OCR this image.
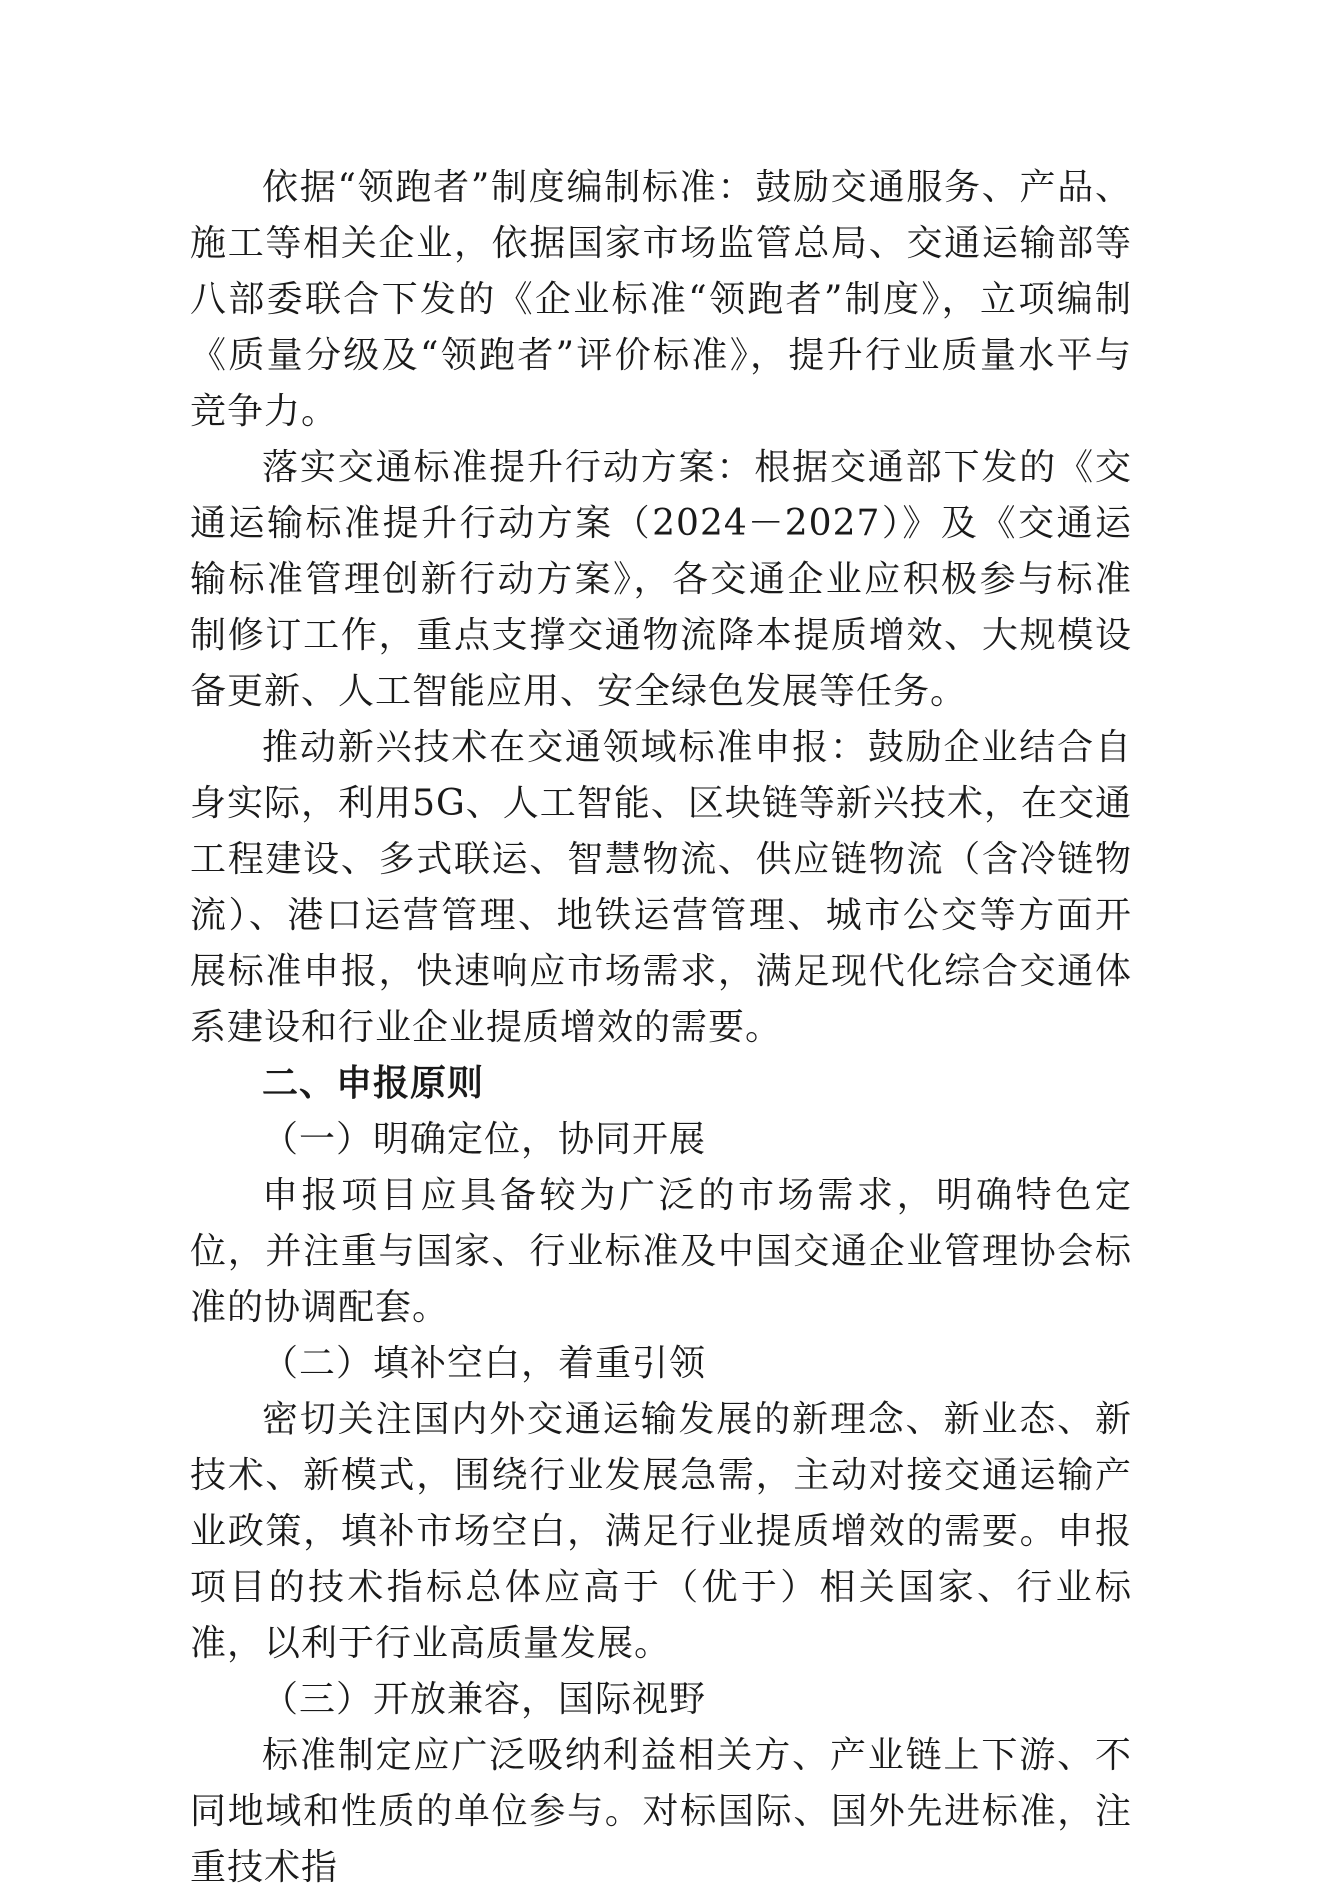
依据“领跑者”制度编制标准：鼓励交通服务、产品、施工等相关企业，依据国家市场监管总局、交通运输部等八部委联合下发的《企业标准“领跑者”制度》，立项编制《质量分级及“领跑者”评价标准》，提升行业质量水平与竞争力。

落实交通标准提升行动方案：根据交通部下发的《交通运输标准提升行动方案（2024－2027）》及《交通运输标准管理创新行动方案》，各交通企业应积极参与标准制修订工作，重点支撑交通物流降本提质增效、大规模设备更新、人工智能应用、安全绿色发展等任务。

推动新兴技术在交通领域标准申报：鼓励企业结合自身实际，利用5G、人工智能、区块链等新兴技术，在交通工程建设、多式联运、智慧物流、供应链物流（含冷链物流）、港口运营管理、地铁运营管理、城市公交等方面开展标准申报，快速响应市场需求，满足现代化综合交通体系建设和行业企业提质增效的需要。

二、申报原则

（一）明确定位，协同开展

申报项目应具备较为广泛的市场需求，明确特色定位，并注重与国家、行业标准及中国交通企业管理协会标准的协调配套。

（二）填补空白，着重引领

密切关注国内外交通运输发展的新理念、新业态、新技术、新模式，围绕行业发展急需，主动对接交通运输产业政策，填补市场空白，满足行业提质增效的需要。申报项目的技术指标总体应高于（优于）相关国家、行业标准，以利于行业高质量发展。

（三）开放兼容，国际视野

标准制定应广泛吸纳利益相关方、产业链上下游、不同地域和性质的单位参与。对标国际、国外先进标准，注重技术指
